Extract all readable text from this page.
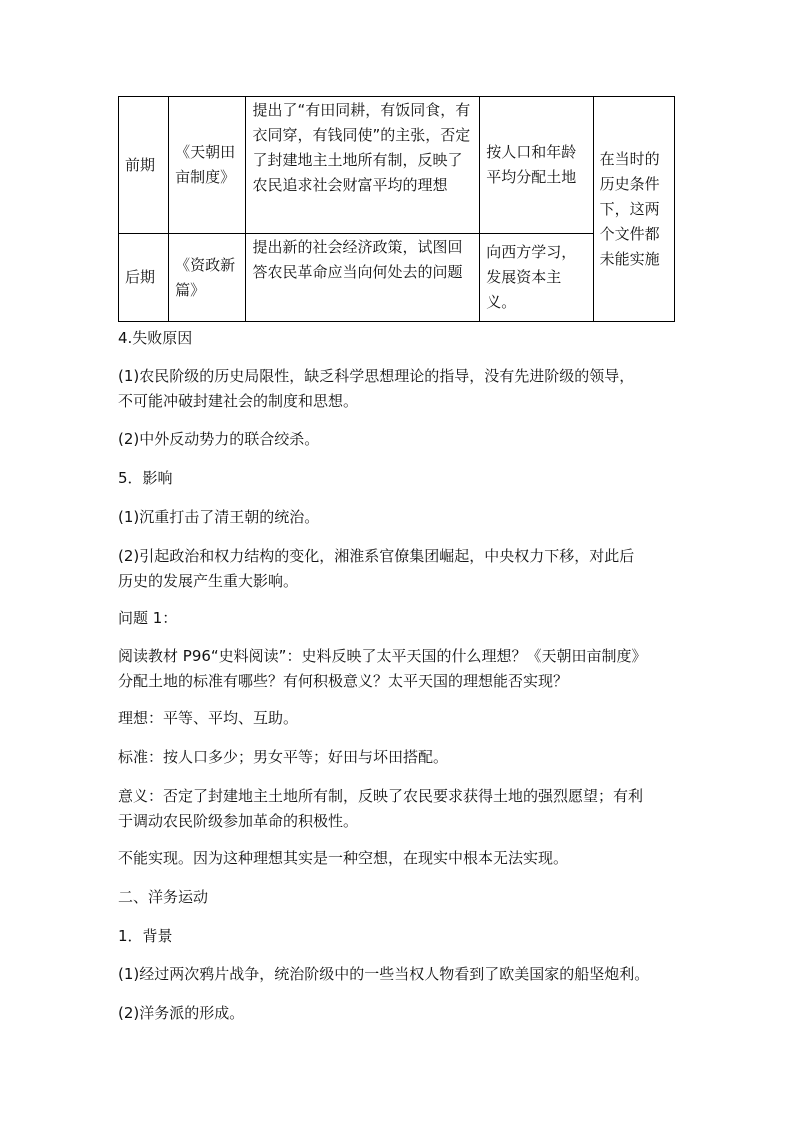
前期	《天朝田亩制度》	提出了“有田同耕，有饭同食，有衣同穿，有钱同使”的主张，否定了封建地主土地所有制，反映了农民追求社会财富平均的理想	按人口和年龄平均分配土地	在当时的历史条件下，这两个文件都未能实施
后期	《资政新篇》	提出新的社会经济政策，试图回答农民革命应当向何处去的问题	向西方学习，发展资本主义。	

4.失败原因

(1)农民阶级的历史局限性，缺乏科学思想理论的指导，没有先进阶级的领导，
不可能冲破封建社会的制度和思想。

(2)中外反动势力的联合绞杀。

5．影响

(1)沉重打击了清王朝的统治。

(2)引起政治和权力结构的变化，湘淮系官僚集团崛起，中央权力下移，对此后
历史的发展产生重大影响。

问题 1：

阅读教材 P96“史料阅读”：史料反映了太平天国的什么理想？《天朝田亩制度》
分配土地的标准有哪些？有何积极意义？太平天国的理想能否实现？

理想：平等、平均、互助。

标准：按人口多少；男女平等；好田与坏田搭配。

意义：否定了封建地主土地所有制，反映了农民要求获得土地的强烈愿望；有利
于调动农民阶级参加革命的积极性。

不能实现。因为这种理想其实是一种空想，在现实中根本无法实现。

二、洋务运动

1．背景

(1)经过两次鸦片战争，统治阶级中的一些当权人物看到了欧美国家的船坚炮利。

(2)洋务派的形成。
